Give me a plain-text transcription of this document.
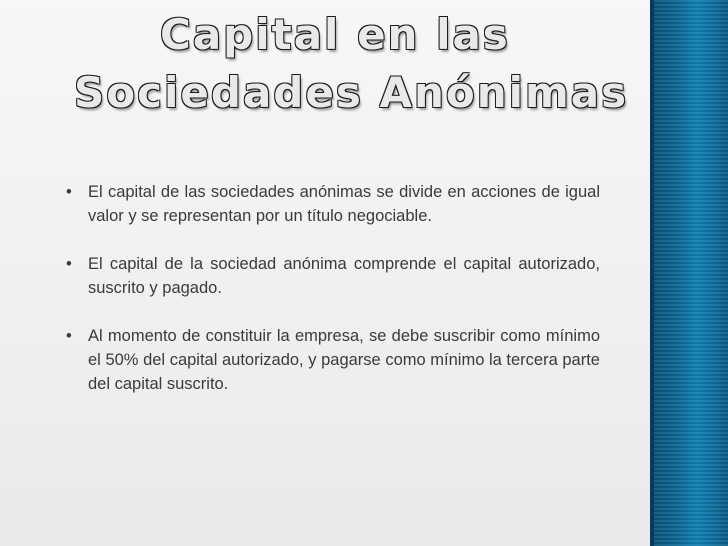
Capital en las
Sociedades Anónimas
• El capital de las sociedades anónimas se divide en acciones de igual valor y se representan por un título negociable.
• El capital de la sociedad anónima comprende el capital autorizado, suscrito y pagado.
• Al momento de constituir la empresa, se debe suscribir como mínimo el 50% del capital autorizado, y pagarse como mínimo la tercera parte del capital suscrito.
